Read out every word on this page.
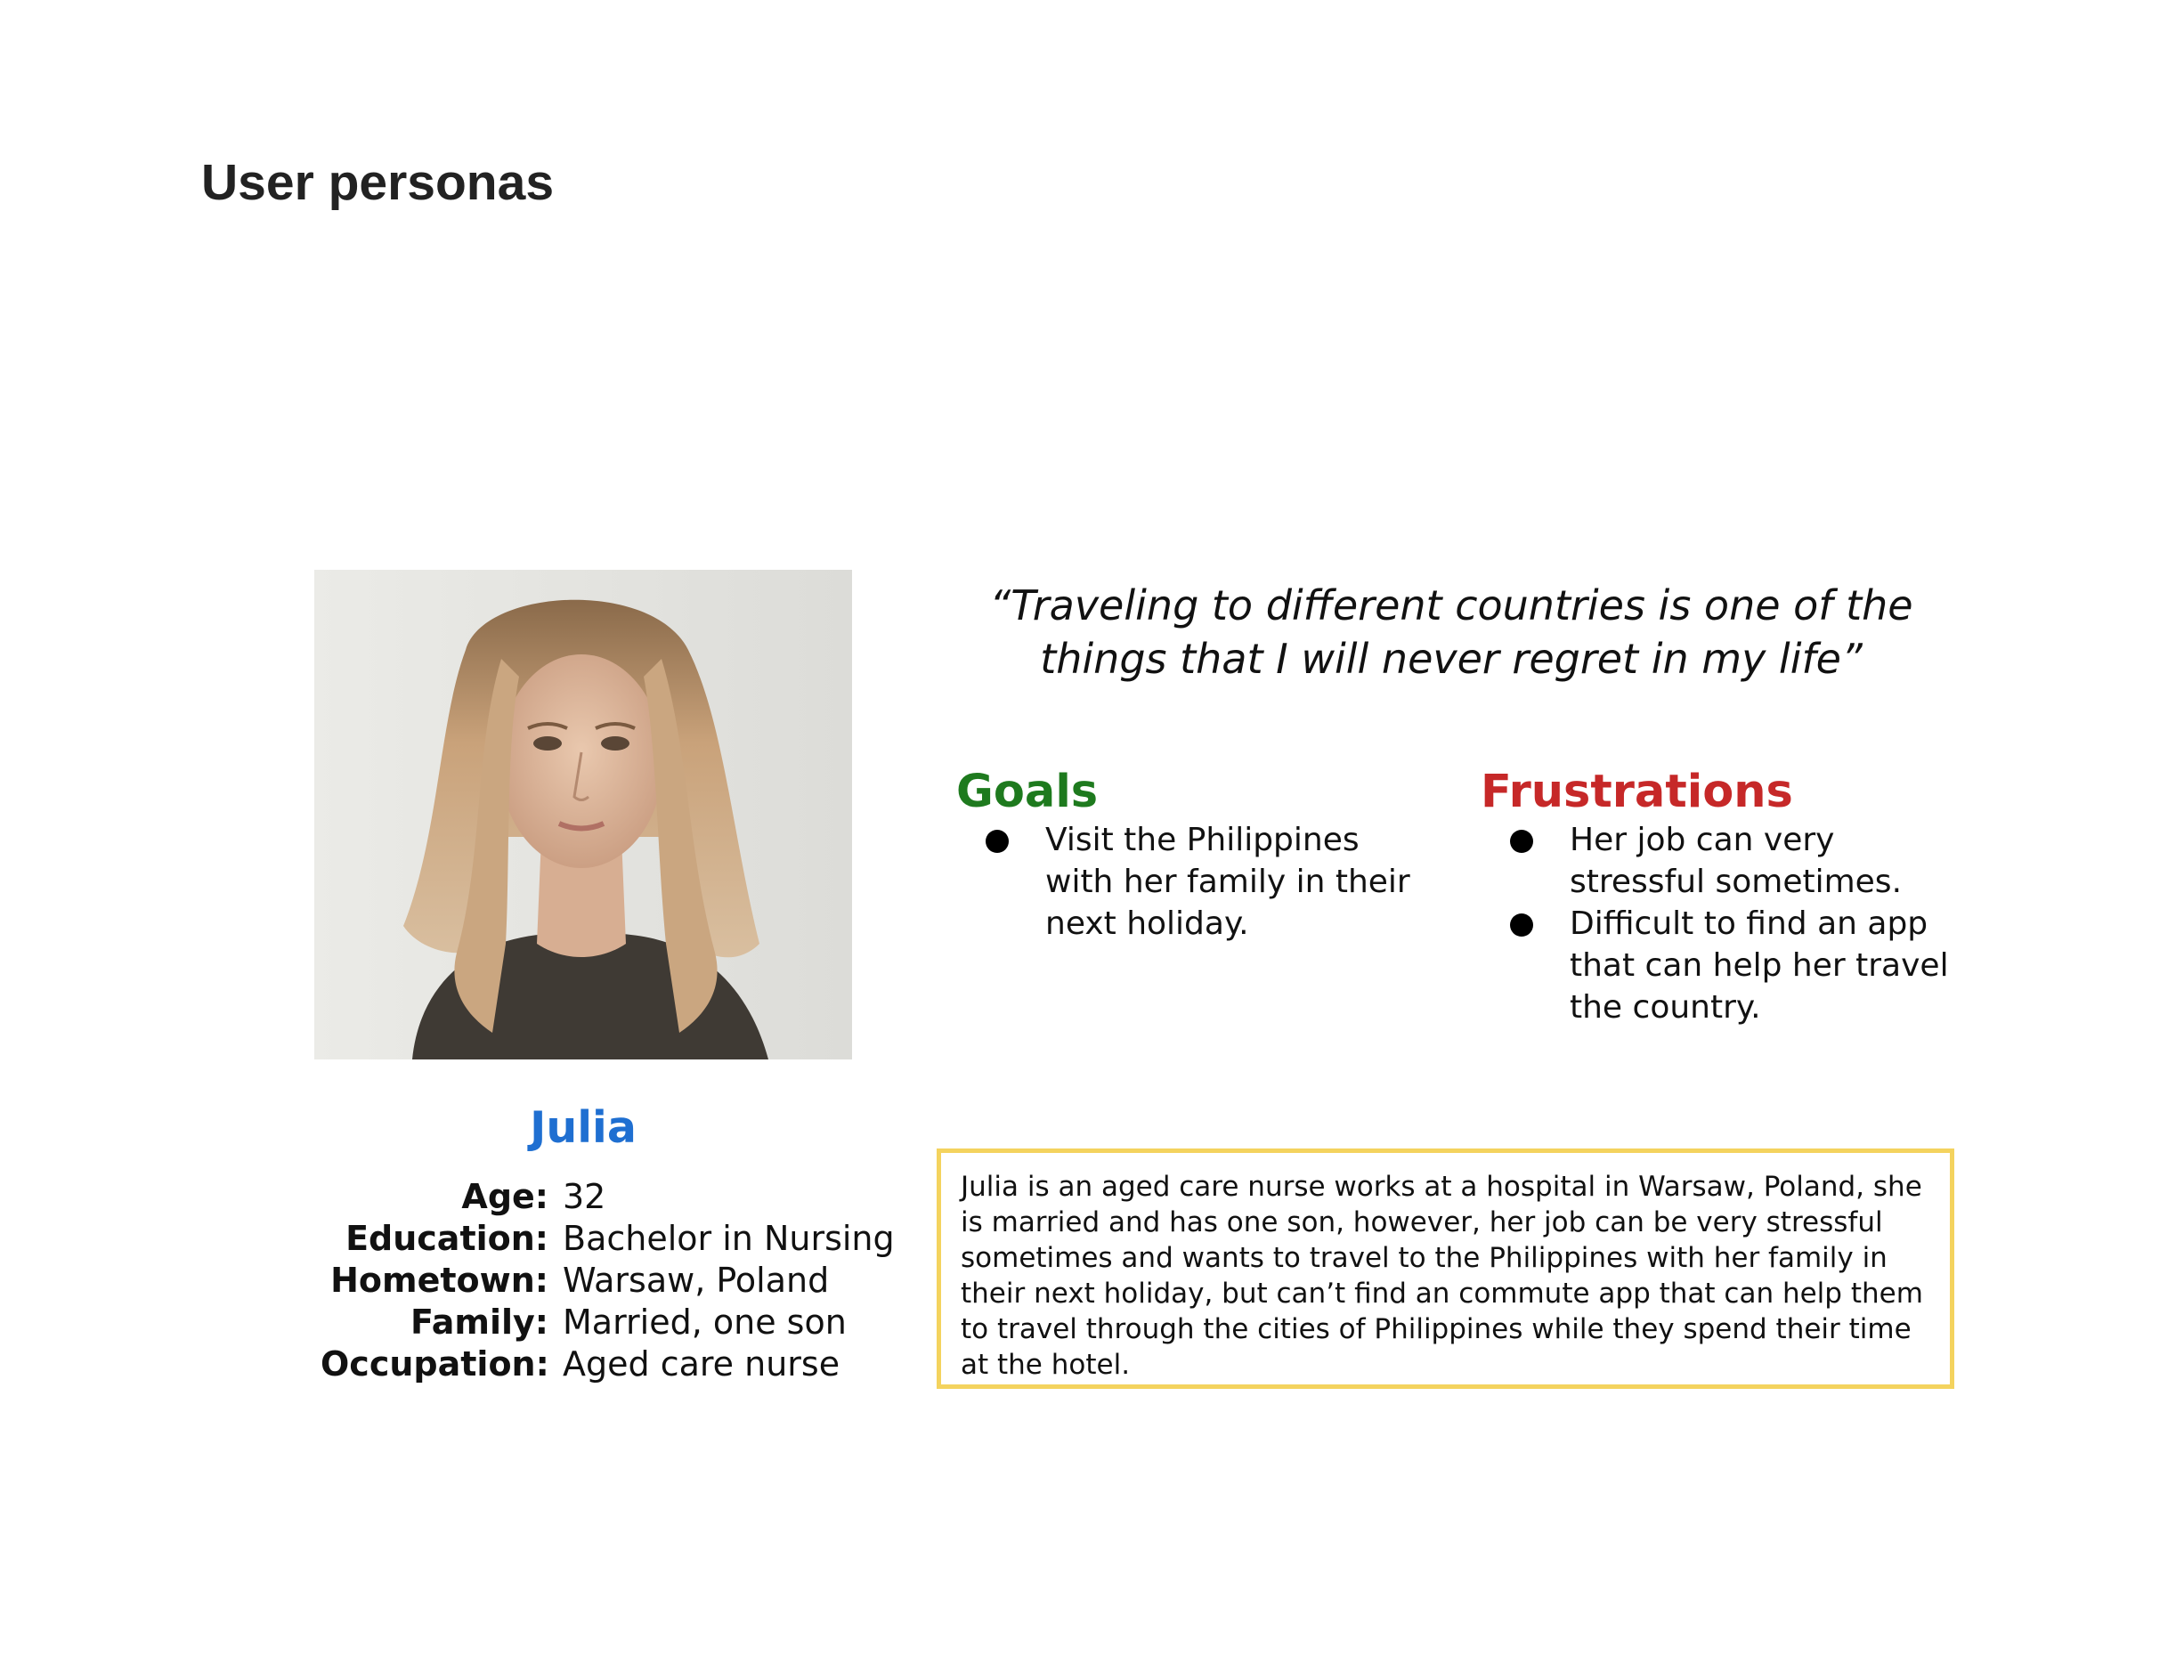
User personas
Julia
Age: 32
Education: Bachelor in Nursing
Hometown: Warsaw, Poland
Family: Married, one son
Occupation: Aged care nurse

“Traveling to different countries is one of the things that I will never regret in my life”

Goals
Visit the Philippines with her family in their next holiday.
Frustrations
Her job can very stressful sometimes.
Difficult to find an app that can help her travel the country.
Julia is an aged care nurse works at a hospital in Warsaw, Poland, she is married and has one son, however, her job can be very stressful sometimes and wants to travel to the Philippines with her family in their next holiday, but can’t find an commute app that can help them to travel through the cities of Philippines while they spend their time at the hotel.
